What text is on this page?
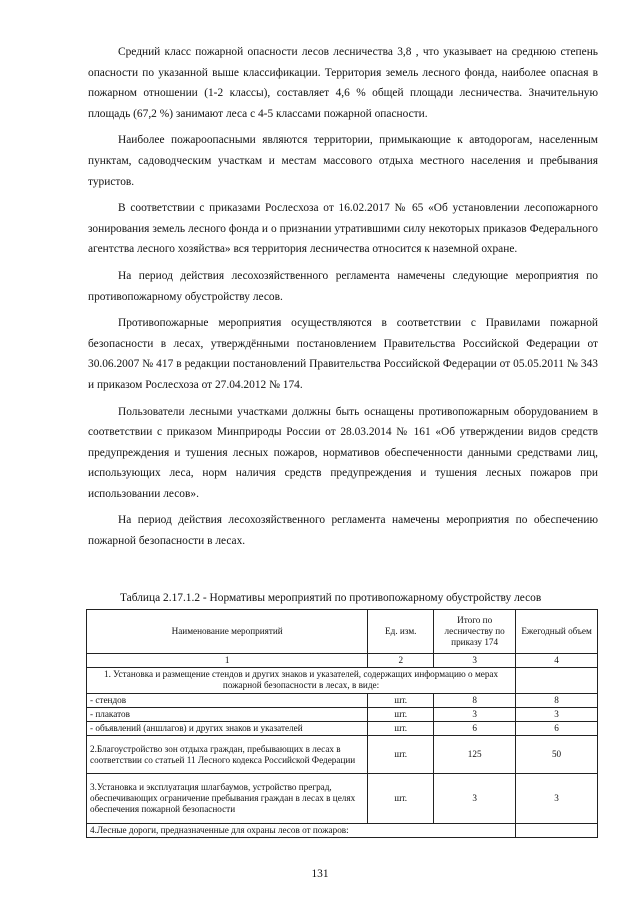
Средний класс пожарной опасности лесов лесничества 3,8 , что указывает на среднюю степень опасности по указанной выше классификации. Территория земель лесного фонда, наиболее опасная в пожарном отношении (1-2 классы), составляет 4,6 % общей площади лесничества. Значительную площадь (67,2 %) занимают леса с 4-5 классами пожарной опасности.

Наиболее пожароопасными являются территории, примыкающие к автодорогам, населенным пунктам, садоводческим участкам и местам массового отдыха местного населения и пребывания туристов.

В соответствии с приказами Рослесхоза от 16.02.2017 № 65 «Об установлении лесопожарного зонирования земель лесного фонда и о признании утратившими силу некоторых приказов Федерального агентства лесного хозяйства» вся территория лесничества относится к наземной охране.

На период действия лесохозяйственного регламента намечены следующие мероприятия по противопожарному обустройству лесов.

Противопожарные мероприятия осуществляются в соответствии с Правилами пожарной безопасности в лесах, утверждёнными постановлением Правительства Российской Федерации от 30.06.2007 № 417 в редакции постановлений Правительства Российской Федерации от 05.05.2011 № 343 и приказом Рослесхоза от 27.04.2012 № 174.

Пользователи лесными участками должны быть оснащены противопожарным оборудованием в соответствии с приказом Минприроды России от 28.03.2014 № 161 «Об утверждении видов средств предупреждения и тушения лесных пожаров, нормативов обеспеченности данными средствами лиц, использующих леса, норм наличия средств предупреждения и тушения лесных пожаров при использовании лесов».

На период действия лесохозяйственного регламента намечены мероприятия по обеспечению пожарной безопасности в лесах.

Таблица 2.17.1.2 - Нормативы мероприятий по противопожарному обустройству лесов
Наименование мероприятий	Ед. изм.	Итого по лесничеству по приказу 174	Ежегодный объем
1	2	3	4
1. Установка и размещение стендов и других знаков и указателей, содержащих информацию о мерах пожарной безопасности в лесах, в виде:			
- стендов	шт.	8	8
- плакатов	шт.	3	3
- объявлений (аншлагов) и других знаков и указателей	шт.	6	6
2.Благоустройство зон отдыха граждан, пребывающих в лесах в соответствии со статьей 11 Лесного кодекса Российской Федерации	шт.	125	50
3.Установка и эксплуатация шлагбаумов, устройство преград, обеспечивающих ограничение пребывания граждан в лесах в целях обеспечения пожарной безопасности	шт.	3	3
4.Лесные дороги, предназначенные для охраны лесов от пожаров:			
131
